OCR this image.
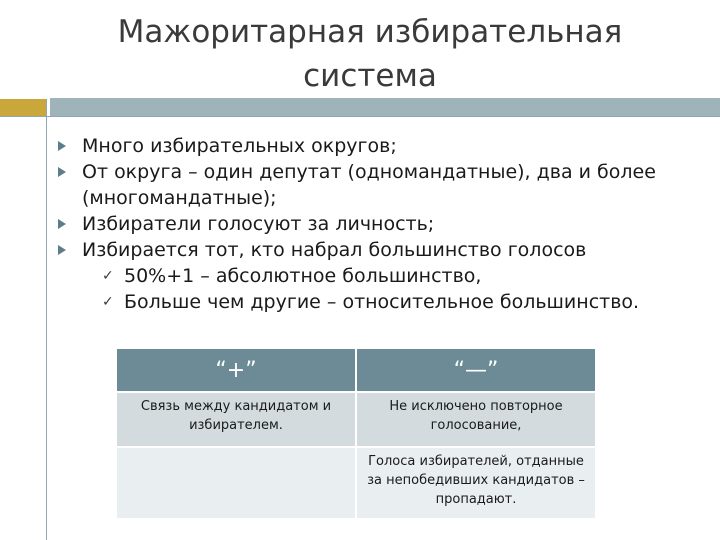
Мажоритарная избирательная
система
Много избирательных округов;
От округа – один депутат (одномандатные), два и более (многомандатные);
Избиратели голосуют за личность;
Избирается тот, кто набрал большинство голосов
✓ 50%+1 – абсолютное большинство,
✓ Больше чем другие – относительное большинство.
“+”	“—”
Связь между кандидатом и избирателем.	Не исключено повторное голосование,
	Голоса избирателей, отданные за непобедивших кандидатов – пропадают.
